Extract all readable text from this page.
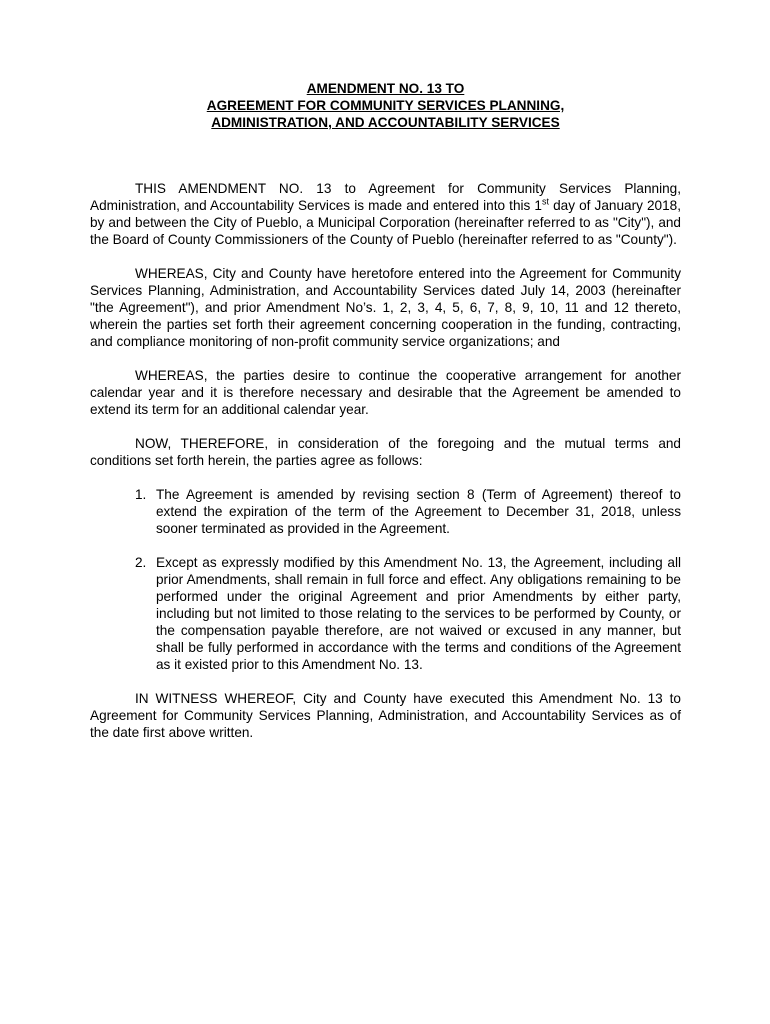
AMENDMENT NO. 13 TO
AGREEMENT FOR COMMUNITY SERVICES PLANNING,
ADMINISTRATION, AND ACCOUNTABILITY SERVICES

THIS AMENDMENT NO. 13 to Agreement for Community Services Planning, Administration, and Accountability Services is made and entered into this 1st day of January 2018, by and between the City of Pueblo, a Municipal Corporation (hereinafter referred to as "City"), and the Board of County Commissioners of the County of Pueblo (hereinafter referred to as "County").

WHEREAS, City and County have heretofore entered into the Agreement for Community Services Planning, Administration, and Accountability Services dated July 14, 2003 (hereinafter "the Agreement"), and prior Amendment No’s. 1, 2, 3, 4, 5, 6, 7, 8, 9, 10, 11 and 12 thereto, wherein the parties set forth their agreement concerning cooperation in the funding, contracting, and compliance monitoring of non-profit community service organizations; and

WHEREAS, the parties desire to continue the cooperative arrangement for another calendar year and it is therefore necessary and desirable that the Agreement be amended to extend its term for an additional calendar year.

NOW, THEREFORE, in consideration of the foregoing and the mutual terms and conditions set forth herein, the parties agree as follows:

1. The Agreement is amended by revising section 8 (Term of Agreement) thereof to extend the expiration of the term of the Agreement to December 31, 2018, unless sooner terminated as provided in the Agreement.
2. Except as expressly modified by this Amendment No. 13, the Agreement, including all prior Amendments, shall remain in full force and effect. Any obligations remaining to be performed under the original Agreement and prior Amendments by either party, including but not limited to those relating to the services to be performed by County, or the compensation payable therefore, are not waived or excused in any manner, but shall be fully performed in accordance with the terms and conditions of the Agreement as it existed prior to this Amendment No. 13.

IN WITNESS WHEREOF, City and County have executed this Amendment No. 13 to Agreement for Community Services Planning, Administration, and Accountability Services as of the date first above written.
